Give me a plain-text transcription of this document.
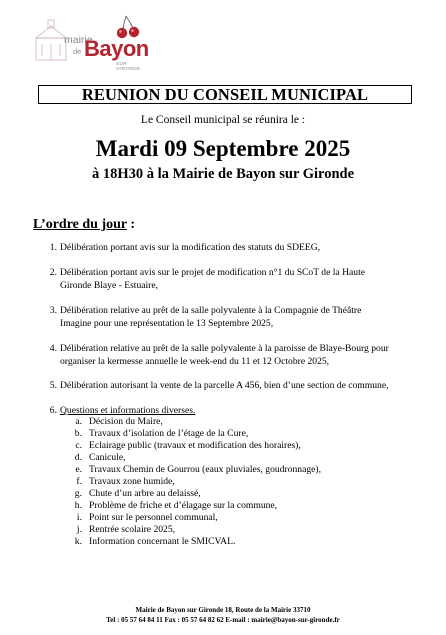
mairie
de Bayon
SUR GIRONDE
REUNION DU CONSEIL MUNICIPAL
Le Conseil municipal se réunira le :
Mardi 09 Septembre 2025
à 18H30 à la Mairie de Bayon sur Gironde
L’ordre du jour :
1. Délibération portant avis sur la modification des statuts du SDEEG,
2. Délibération portant avis sur le projet de modification n°1 du SCoT de la Haute
Gironde Blaye - Estuaire,
3. Délibération relative au prêt de la salle polyvalente à la Compagnie de Théâtre
Imagine pour une représentation le 13 Septembre 2025,
4. Délibération relative au prêt de la salle polyvalente à la paroisse de Blaye-Bourg pour
organiser la kermesse annuelle le week-end du 11 et 12 Octobre 2025,
5. Délibération autorisant la vente de la parcelle A 456, bien d’une section de commune,
6. Questions et informations diverses.
a. Décision du Maire,
b. Travaux d’isolation de l’étage de la Cure,
c. Eclairage public (travaux et modification des horaires),
d. Canicule,
e. Travaux Chemin de Gourrou (eaux pluviales, goudronnage),
f. Travaux zone humide,
g. Chute d’un arbre au delaissé,
h. Problème de friche et d’élagage sur la commune,
i. Point sur le personnel communal,
j. Rentrée scolaire 2025,
k. Information concernant le SMICVAL.
Mairie de Bayon sur Gironde 18, Route de la Mairie 33710
Tel : 05 57 64 84 11 Fax : 05 57 64 82 62 E-mail : mairie@bayon-sur-gironde.fr
